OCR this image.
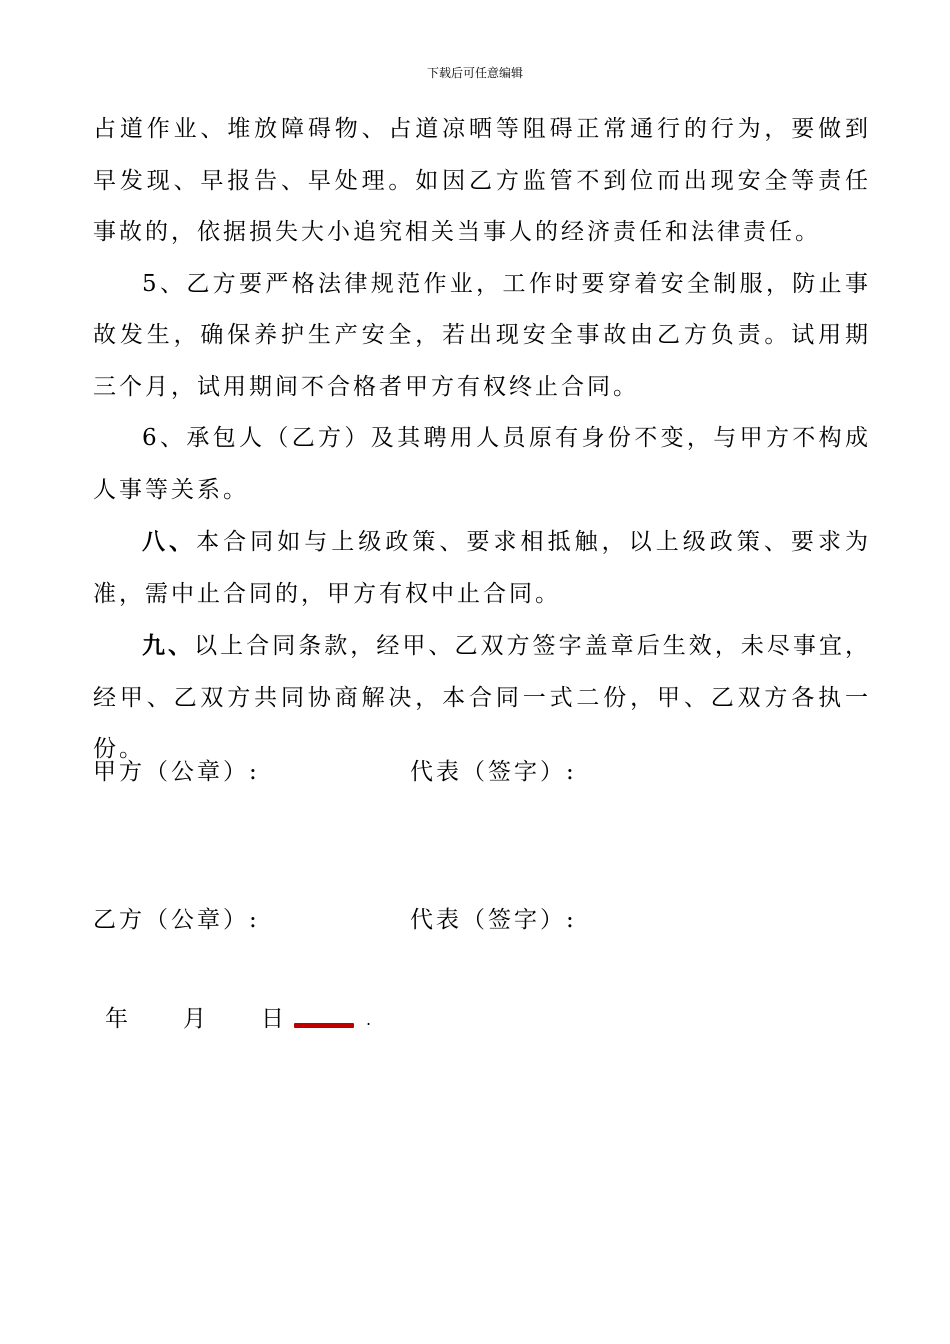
下载后可任意编辑

占道作业、堆放障碍物、占道凉晒等阻碍正常通行的行为，要做到早发现、早报告、早处理。如因乙方监管不到位而出现安全等责任事故的，依据损失大小追究相关当事人的经济责任和法律责任。

5、乙方要严格法律规范作业，工作时要穿着安全制服，防止事故发生，确保养护生产安全，若出现安全事故由乙方负责。试用期三个月，试用期间不合格者甲方有权终止合同。

6、承包人（乙方）及其聘用人员原有身份不变，与甲方不构成人事等关系。

八、本合同如与上级政策、要求相抵触，以上级政策、要求为准，需中止合同的，甲方有权中止合同。

九、以上合同条款，经甲、乙双方签字盖章后生效，未尽事宜，经甲、乙双方共同协商解决，本合同一式二份，甲、乙双方各执一份。

甲方（公章）:	代表（签字）:
乙方（公章）:	代表（签字）:
年 月 日	.
